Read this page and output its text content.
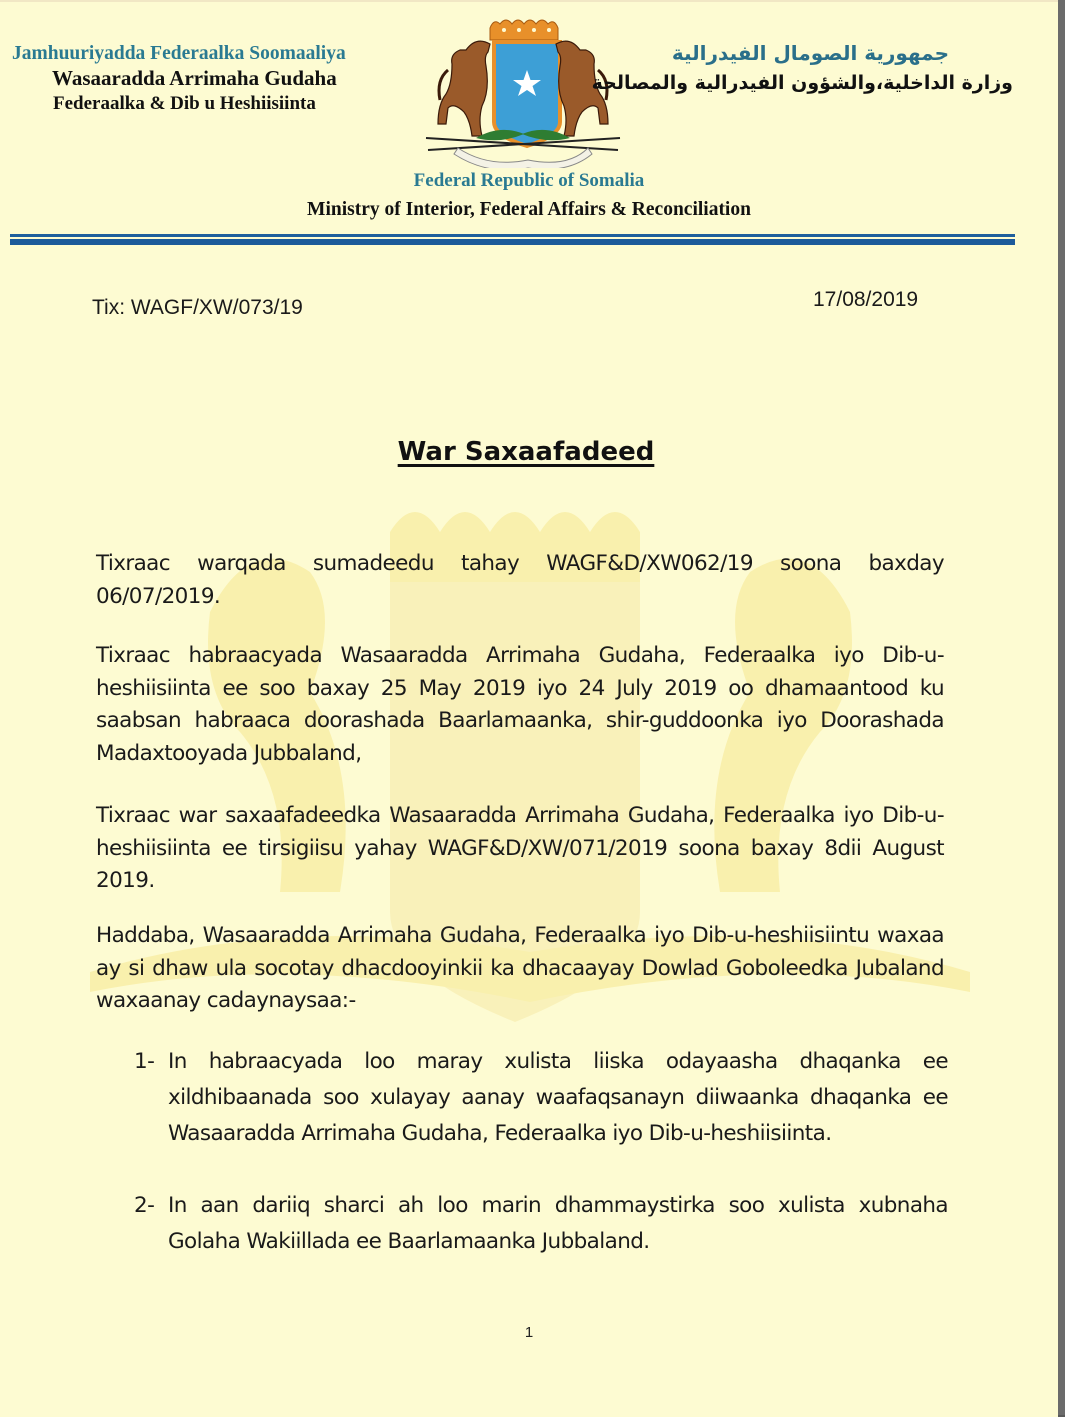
Jamhuuriyadda Federaalka Soomaaliya
Wasaaradda Arrimaha Gudaha
Federaalka & Dib u Heshiisiinta
جمهورية الصومال الفيدرالية
وزارة الداخلية،والشؤون الفيدرالية والمصالحة
Federal Republic of Somalia
Ministry of Interior, Federal Affairs & Reconciliation
Tix: WAGF/XW/073/19	17/08/2019
War Saxaafadeed
Tixraac warqada sumadeedu tahay WAGF&D/XW062/19 soona baxday 06/07/2019.
Tixraac habraacyada Wasaaradda Arrimaha Gudaha, Federaalka iyo Dib-u-heshiisiinta ee soo baxay 25 May 2019 iyo 24 July 2019 oo dhamaantood ku saabsan habraaca doorashada Baarlamaanka, shir-guddoonka iyo Doorashada Madaxtooyada Jubbaland,
Tixraac war saxaafadeedka Wasaaradda Arrimaha Gudaha, Federaalka iyo Dib-u-heshiisiinta ee tirsigiisu yahay WAGF&D/XW/071/2019 soona baxay 8dii August 2019.
Haddaba, Wasaaradda Arrimaha Gudaha, Federaalka iyo Dib-u-heshiisiintu waxaa ay si dhaw ula socotay dhacdooyinkii ka dhacaayay Dowlad Goboleedka Jubaland waxaanay cadaynaysaa:-
1- In habraacyada loo maray xulista liiska odayaasha dhaqanka ee xildhibaanada soo xulayay aanay waafaqsanayn diiwaanka dhaqanka ee Wasaaradda Arrimaha Gudaha, Federaalka iyo Dib-u-heshiisiinta.
2- In aan dariiq sharci ah loo marin dhammaystirka soo xulista xubnaha Golaha Wakiillada ee Baarlamaanka Jubbaland.
1
